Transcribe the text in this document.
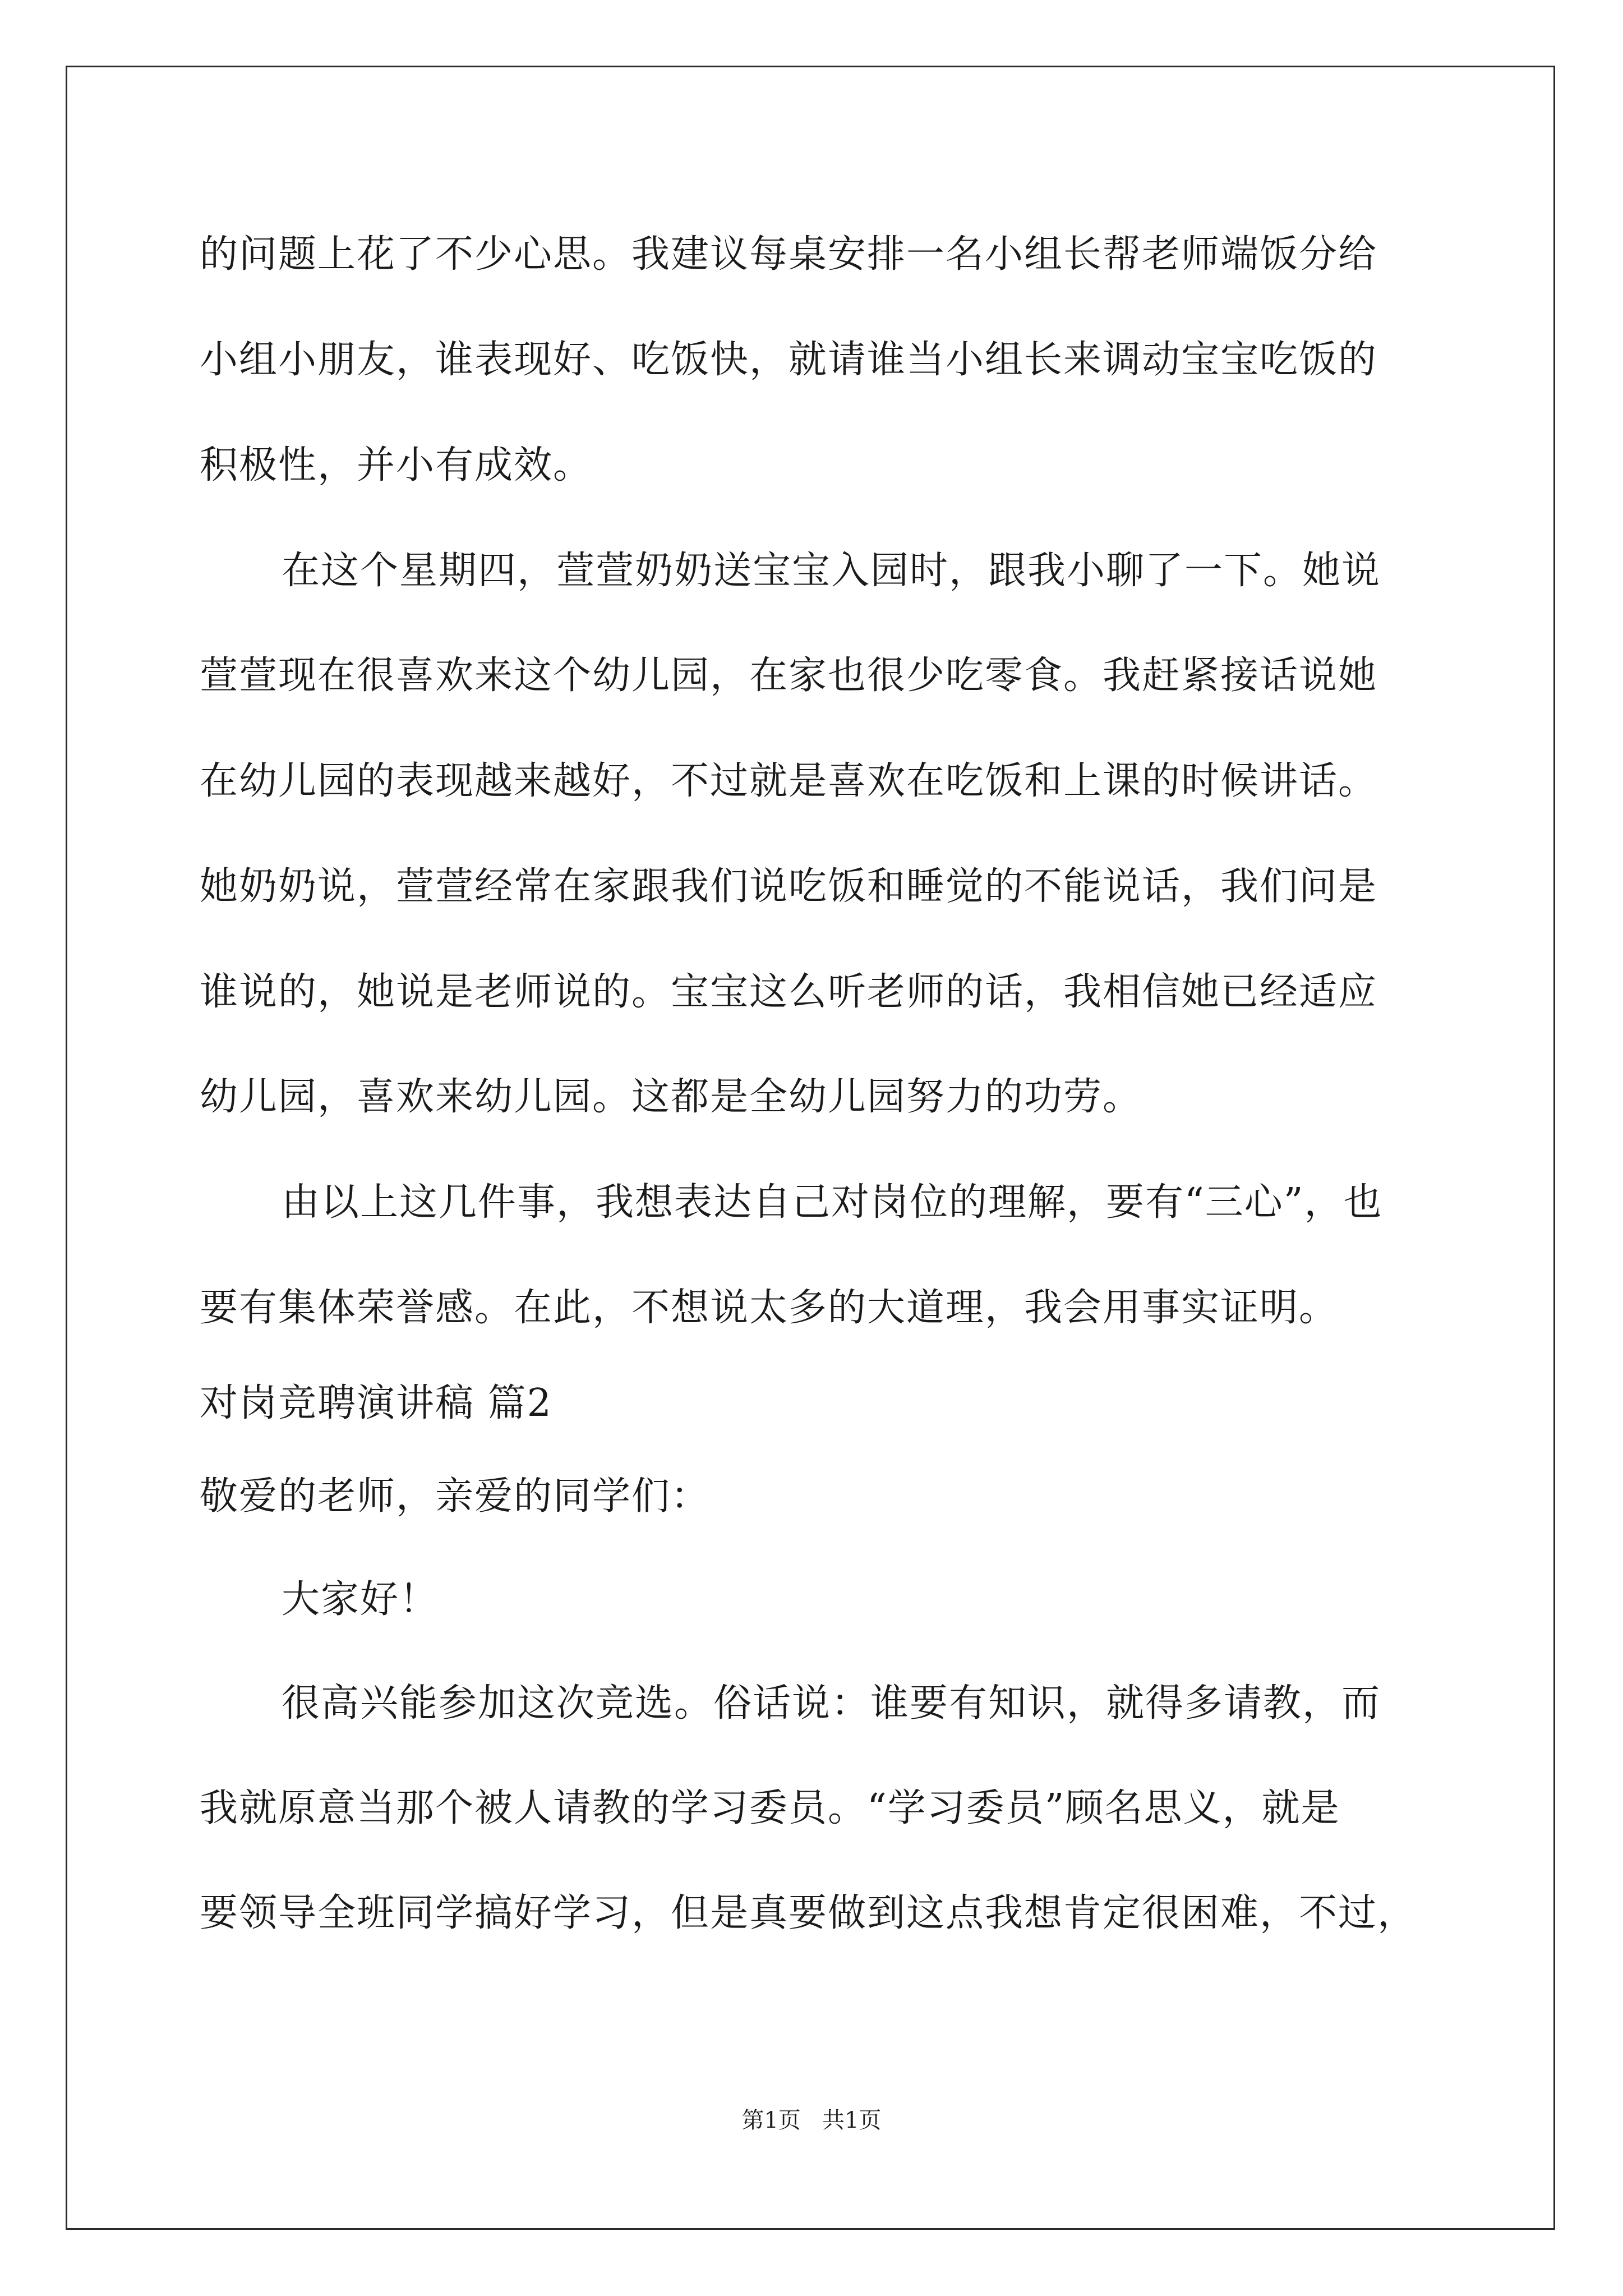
的问题上花了不少心思。我建议每桌安排一名小组长帮老师端饭分给
小组小朋友，谁表现好、吃饭快，就请谁当小组长来调动宝宝吃饭的
积极性，并小有成效。
在这个星期四，萱萱奶奶送宝宝入园时，跟我小聊了一下。她说
萱萱现在很喜欢来这个幼儿园，在家也很少吃零食。我赶紧接话说她
在幼儿园的表现越来越好，不过就是喜欢在吃饭和上课的时候讲话。
她奶奶说，萱萱经常在家跟我们说吃饭和睡觉的不能说话，我们问是
谁说的，她说是老师说的。宝宝这么听老师的话，我相信她已经适应
幼儿园，喜欢来幼儿园。这都是全幼儿园努力的功劳。
由以上这几件事，我想表达自己对岗位的理解，要有“三心”，也
要有集体荣誉感。在此，不想说太多的大道理，我会用事实证明。
对岗竞聘演讲稿 篇2
敬爱的老师，亲爱的同学们：
大家好！
很高兴能参加这次竞选。俗话说：谁要有知识，就得多请教，而
我就原意当那个被人请教的学习委员。“学习委员”顾名思义，就是
要领导全班同学搞好学习，但是真要做到这点我想肯定很困难，不过，
第1页   共1页
